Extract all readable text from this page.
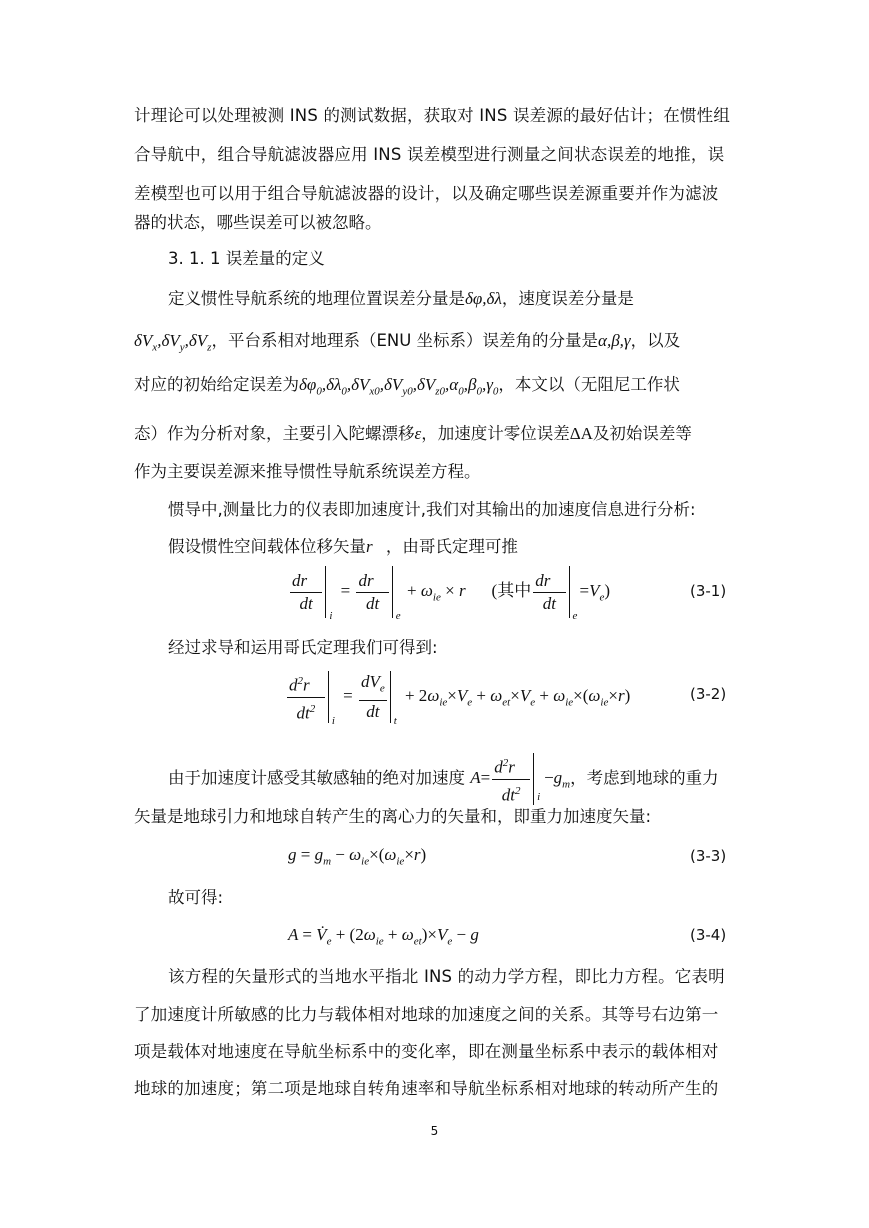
计理论可以处理被测 INS 的测试数据，获取对 INS 误差源的最好估计；在惯性组
合导航中，组合导航滤波器应用 INS 误差模型进行测量之间状态误差的地推，误
差模型也可以用于组合导航滤波器的设计，以及确定哪些误差源重要并作为滤波
器的状态，哪些误差可以被忽略。
3. 1. 1 误差量的定义
定义惯性导航系统的地理位置误差分量是δφ,δλ，速度误差分量是
$\delta V_x,\delta V_y,\delta V_z$，平台系相对地理系（ENU 坐标系）误差角的分量是α,β,γ，以及
对应的初始给定误差为$\delta\varphi_0,\delta\lambda_0,\delta V_{x0},\delta V_{y0},\delta V_{z0},\alpha_0,\beta_0,\gamma_0$，本文以（无阻尼工作状
态）作为分析对象，主要引入陀螺漂移ε，加速度计零位误差ΔA及初始误差等
作为主要误差源来推导惯性导航系统误差方程。
惯导中,测量比力的仪表即加速度计,我们对其输出的加速度信息进行分析:
假设惯性空间载体位移矢量r⃗，由哥氏定理可推
$\frac{dr⃗}{dt}$
i
= $\frac{dr⃗}{dt}$
e
+ $\omega_{ie}$ × r⃗   (其中 $\frac{dr⃗}{dt}$
e
$=V_e$)	(3-1)
经过求导和运用哥氏定理我们可得到:
$\frac{d^2r⃗}{dt^2}$ i
= $\frac{dV_e}{dt}$ t
+ $2\omega_{ie}\times V_e + \omega_{et}\times V_e + \omega_{ie}\times(\omega_{ie}\times r)$	(3-2)
由于加速度计感受其敏感轴的绝对加速度 $A= \frac{d^2r⃗}{dt^2}$ i
$-g_m$，考虑到地球的重力
矢量是地球引力和地球自转产生的离心力的矢量和，即重力加速度矢量:
$g = g_m - \omega_{ie}\times(\omega_{ie}\times r)$	(3-3)
故可得:
$A = V̇_e + (2\omega_{ie} + \omega_{et})\times V_e - g$	(3-4)
该方程的矢量形式的当地水平指北 INS 的动力学方程，即比力方程。它表明
了加速度计所敏感的比力与载体相对地球的加速度之间的关系。其等号右边第一
项是载体对地速度在导航坐标系中的变化率，即在测量坐标系中表示的载体相对
地球的加速度；第二项是地球自转角速率和导航坐标系相对地球的转动所产生的
5
